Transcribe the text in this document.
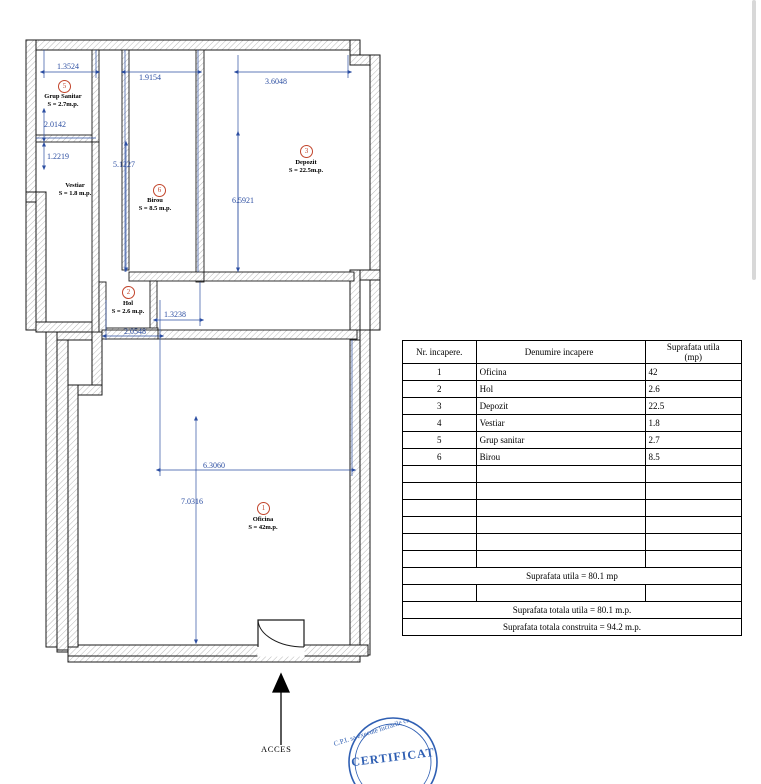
1.3524
1.9154	3.6048
2.0142
1.2219
5.1227
6.5921
1.3238
2.0548
6.3060
7.0316
5
Grup Sanitar
S = 2.7m.p.
Vestiar
S = 1.8 m.p.	6
Birou
S = 8.5 m.p.
3
Depozit
S = 22.5m.p.
2
Hol
S = 2.6 m.p.
1
Oficina
S = 42m.p.
ACCES
Nr. incapere.	Denumire incapere	Suprafata utila
(mp)

1	Oficina	42
2	Hol	2.6
3	Depozit	22.5
4	Vestiar	1.8
5	Grup sanitar	2.7
6	Birou	8.5

Suprafata utila = 80.1 mp		

Suprafata totala utila = 80.1 m.p.		
Suprafata totala construita = 94.2 m.p.		
C.P.I. sa execute lucrarile ca
CERTIFICAT
